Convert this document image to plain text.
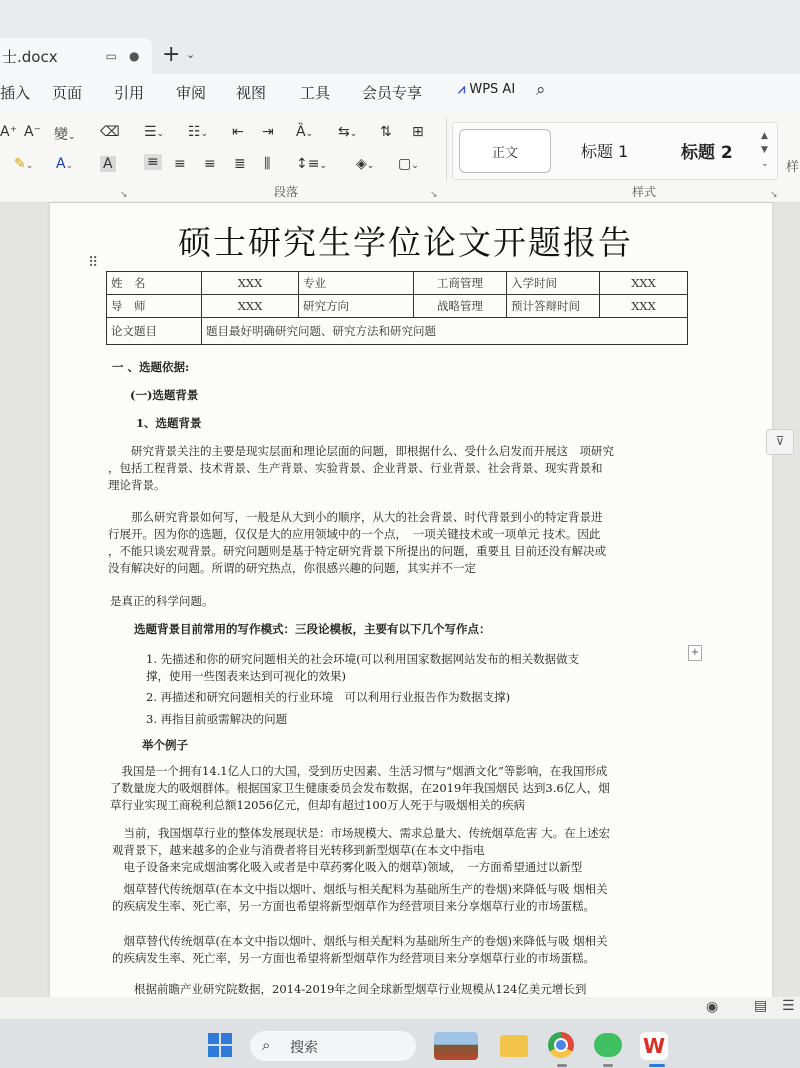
士.docx	▭ ● + ⌄
插入 页面 引用 审阅 视图 工具 会员专享	⩘ WPS AI ⌕
A⁺ A⁻ 變⌄ ⌫ ☰⌄ ☷⌄ ⇤ ⇥ Ȁ⌄ ⇆⌄ ⇅ ⊞
✎⌄ A⌄ A ≡ ≡ ≡ ≣ ⫼ ↕≡⌄ ◈⌄ ▢⌄
↘	段落	↘
正文	标题 1	标题 2
▲
▼
⌄ 样
样式	↘
硕士研究生学位论文开题报告
⠿
姓　名	XXX	专业	工商管理	入学时间	XXX
导　师	XXX	研究方向	战略管理	预计答辩时间	XXX
论文题目	题目最好明确研究问题、研究方法和研究问题				
一 、选题依据:
(一)选题背景
1、选题背景
　　研究背景关注的主要是现实层面和理论层面的问题，即根据什么、受什么启发而开展这　项研究
，包括工程背景、技术背景、生产背景、实验背景、企业背景、行业背景、社会背景、现实背景和
理论背景。
　　那么研究背景如何写，一般是从大到小的顺序，从大的社会背景、时代背景到小的特定背景进
行展开。因为你的选题，仅仅是大的应用领域中的一个点，　一项关键技术或一项单元 技术。因此
，不能只谈宏观背景。研究问题则是基于特定研究背景下所提出的问题，重要且 目前还没有解决或
没有解决好的问题。所谓的研究热点，你很感兴趣的问题，其实并不一定
是真正的科学问题。
选题背景目前常用的写作模式：三段论模板，主要有以下几个写作点：
1. 先描述和你的研究问题相关的社会环境(可以利用国家数据网站发布的相关数据做支
撑，使用一些图表来达到可视化的效果)
2. 再描述和研究问题相关的行业环境　可以利用行业报告作为数据支撑)
3. 再指目前亟需解决的问题
举个例子
　我国是一个拥有14.1亿人口的大国，受到历史因素、生活习惯与“烟酒文化”等影响，在我国形成
了数量庞大的吸烟群体。根据国家卫生健康委员会发布数据，在2019年我国烟民 达到3.6亿人，烟
草行业实现工商税利总额12056亿元，但却有超过100万人死于与吸烟相关的疾病
　当前，我国烟草行业的整体发展现状是：市场规模大、需求总量大、传统烟草危害 大。在上述宏
观背景下，越来越多的企业与消费者将目光转移到新型烟草(在本文中指电
　电子设备来完成烟油雾化吸入或者是中草药雾化吸入的烟草)领域，　一方面希望通过以新型
　烟草替代传统烟草(在本文中指以烟叶、烟纸与相关配料为基础所生产的卷烟)来降低与吸 烟相关
的疾病发生率、死亡率，另一方面也希望将新型烟草作为经营项目来分享烟草行业的市场蛋糕。
　烟草替代传统烟草(在本文中指以烟叶、烟纸与相关配料为基础所生产的卷烟)来降低与吸 烟相关
的疾病发生率、死亡率，另一方面也希望将新型烟草作为经营项目来分享烟草行业的市场蛋糕。
根据前瞻产业研究院数据，2014-2019年之间全球新型烟草行业规模从124亿美元增长到
+
⊽
◉	▤ ☰
⌕ 搜索	W
